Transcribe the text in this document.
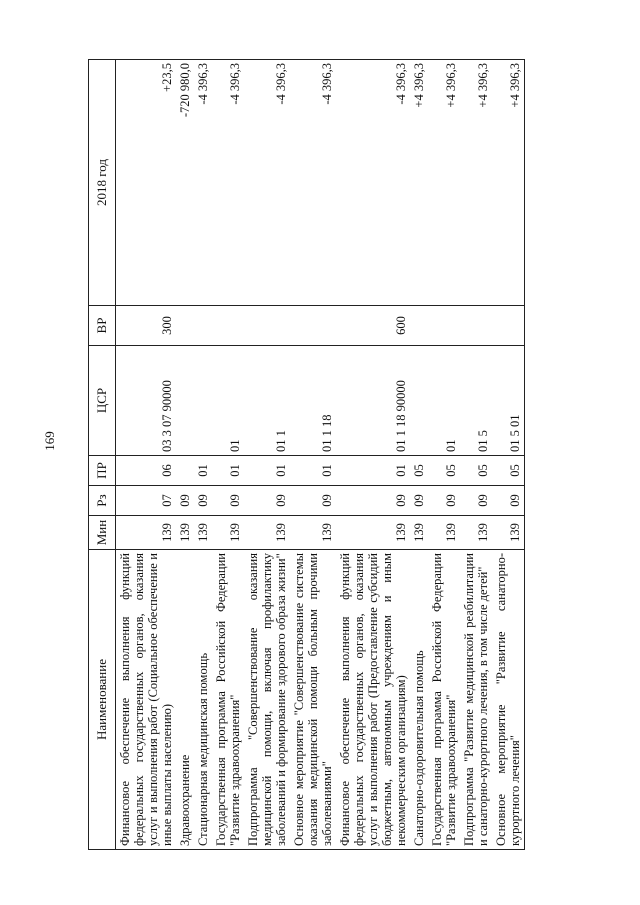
169
Наименование	Мин	Рз	ПР	ЦСР	ВР	2018 год
Финансовое обеспечение выполнения функций федеральных государственных органов, оказания услуг и выполнения работ (Социальное обеспечение и иные выплаты населению)	139	07	06	03 3 07 90000	300	+23,5
Здравоохранение	139	09				-720 980,0
Стационарная медицинская помощь	139	09	01			-4 396,3
Государственная программа Российской Федерации "Развитие здравоохранения"	139	09	01	01		-4 396,3
Подпрограмма "Совершенствование оказания медицинской помощи, включая профилактику заболеваний и формирование здорового образа жизни"	139	09	01	01 1		-4 396,3
Основное мероприятие "Совершенствование системы оказания медицинской помощи больным прочими заболеваниями"	139	09	01	01 1 18		-4 396,3
Финансовое обеспечение выполнения функций федеральных государственных органов, оказания услуг и выполнения работ (Предоставление субсидий бюджетным, автономным учреждениям и иным некоммерческим организациям)	139	09	01	01 1 18 90000	600	-4 396,3
Санаторно-оздоровительная помощь	139	09	05			+4 396,3
Государственная программа Российской Федерации "Развитие здравоохранения"	139	09	05	01		+4 396,3
Подпрограмма "Развитие медицинской реабилитации и санаторно-курортного лечения, в том числе детей"	139	09	05	01 5		+4 396,3
Основное мероприятие "Развитие санаторно-курортного лечения"	139	09	05	01 5 01		+4 396,3
